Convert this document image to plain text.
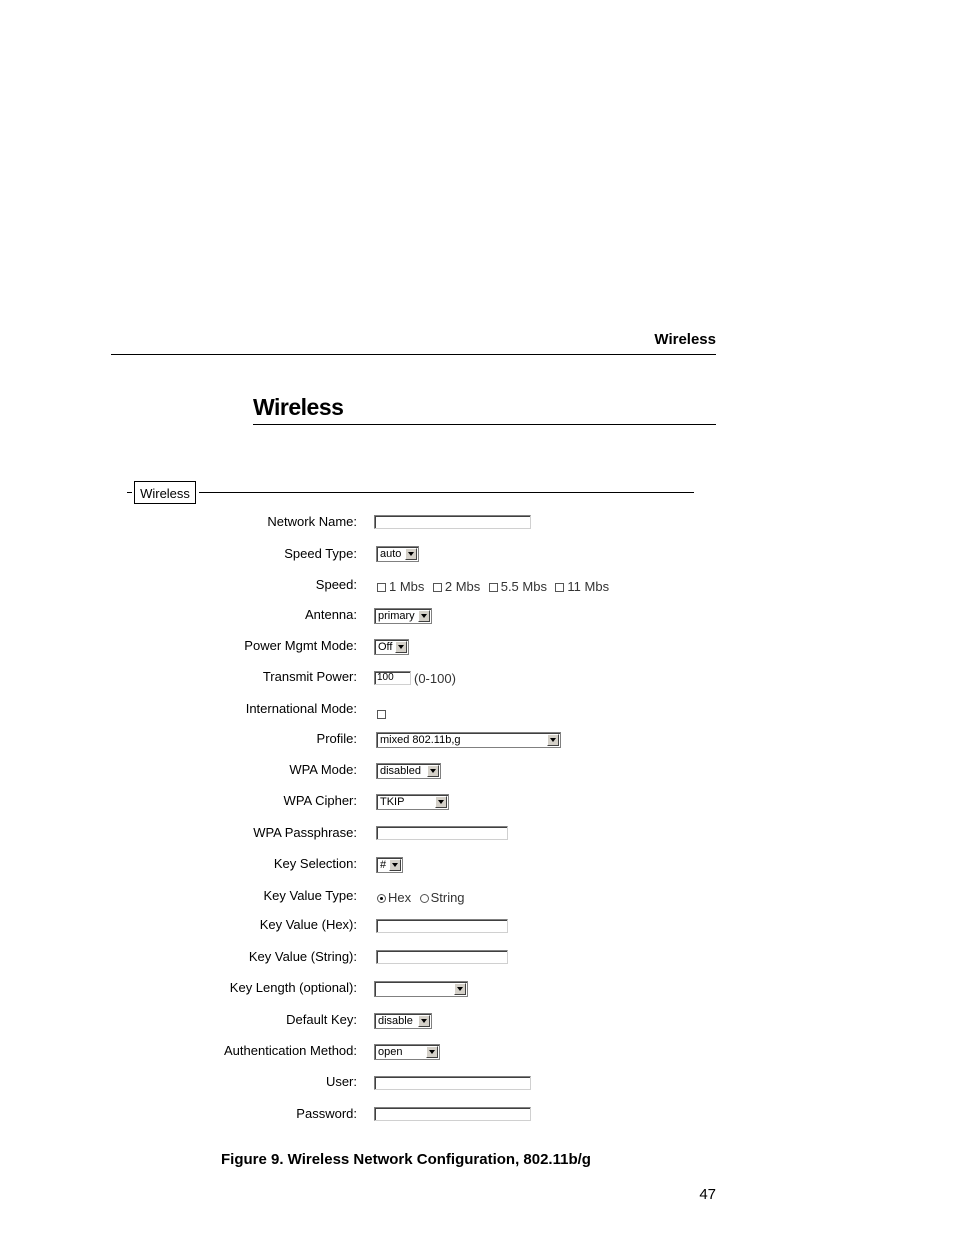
Wireless
Wireless
Wireless
Network Name:
Speed Type: auto
Speed:	1 Mbs 2 Mbs 5.5 Mbs 11 Mbs
Antenna: primary
Power Mgmt Mode: Off
Transmit Power:	100	(0-100)
International Mode:
Profile: mixed 802.11b,g
WPA Mode: disabled
WPA Cipher: TKIP
WPA Passphrase:
Key Selection: #
Key Value Type:	Hex String
Key Value (Hex):
Key Value (String):
Key Length (optional):
Default Key: disable
Authentication Method: open
User:
Password:
Figure 9. Wireless Network Configuration, 802.11b/g
47
